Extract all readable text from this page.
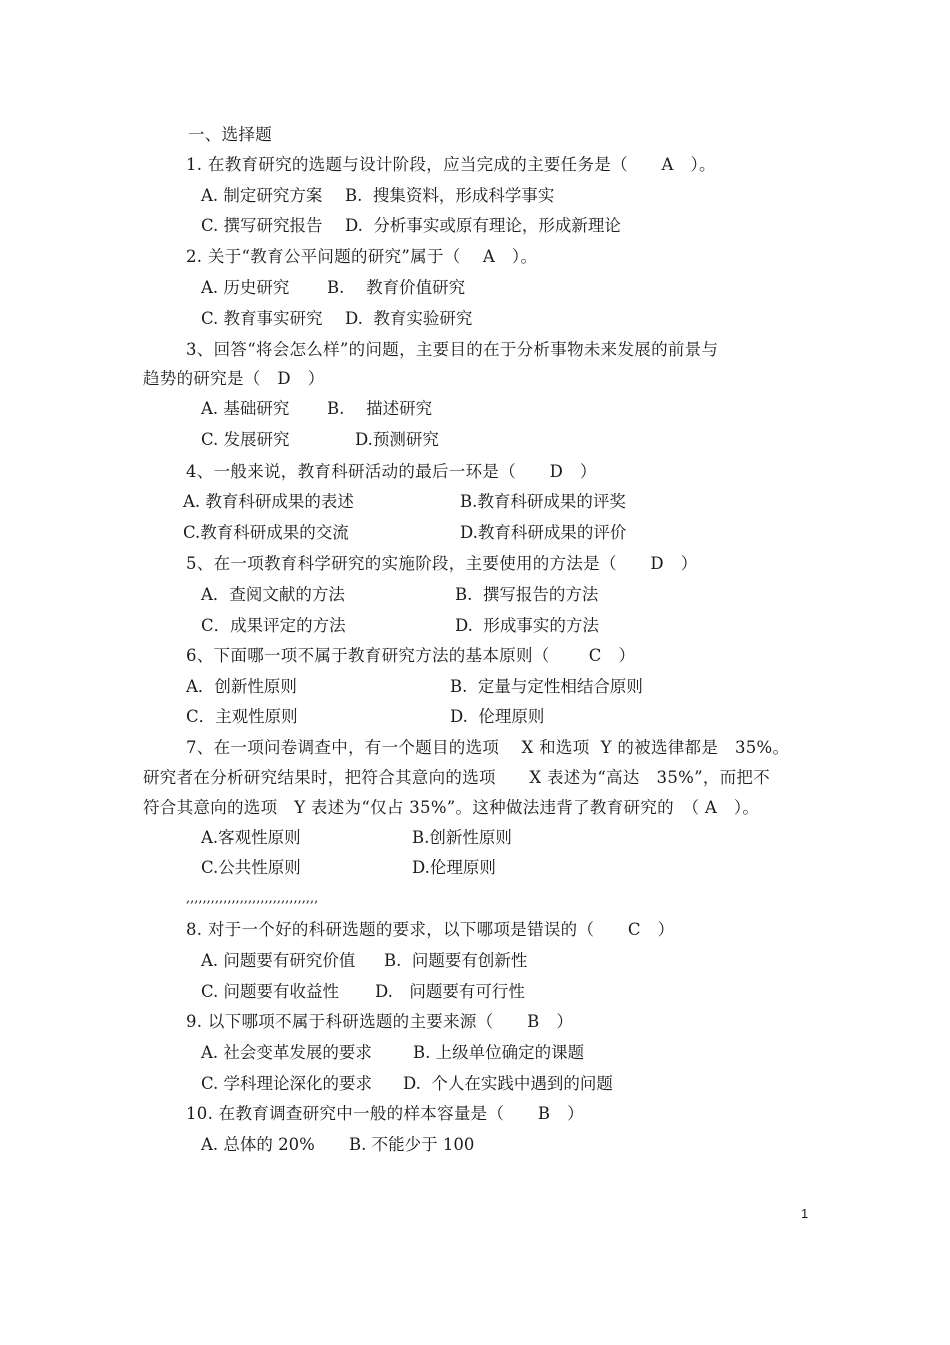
一、选择题
1. 在教育研究的选题与设计阶段，应当完成的主要任务是（　　A　）。
A. 制定研究方案 B.  搜集资料，形成科学事实
C. 撰写研究报告 D.  分析事实或原有理论，形成新理论
2. 关于“教育公平问题的研究”属于（　 A　）。
A. 历史研究 B.　 教育价值研究
C. 教育事实研究 D.  教育实验研究
3、回答“将会怎么样”的问题，主要目的在于分析事物未来发展的前景与
趋势的研究是（　D　）
A. 基础研究 B.　 描述研究
C. 发展研究	D.预测研究
4、一般来说，教育科研活动的最后一环是（　　D　）
A. 教育科研成果的表述	B.教育科研成果的评奖
C.教育科研成果的交流	D.教育科研成果的评价
5、在一项教育科学研究的实施阶段，主要使用的方法是（　　D　）
A．查阅文献的方法	B.  撰写报告的方法
C．成果评定的方法	D.  形成事实的方法
6、下面哪一项不属于教育研究方法的基本原则（　　 C　）
A．创新性原则	B.  定量与定性相结合原则
C．主观性原则	D.  伦理原则
7、在一项问卷调查中，有一个题目的选项　 X 和选项  Y 的被选律都是　35%。
研究者在分析研究结果时，把符合其意向的选项　　X 表述为“高达　35%”，而把不
符合其意向的选项　Y 表述为“仅占 35%”。这种做法违背了教育研究的　（ A　）。
A.客观性原则	B.创新性原则
C.公共性原则	D.伦理原则
,,,,,,,,,,,,,,,,,,,,,,,,,,,,,,,,
8. 对于一个好的科研选题的要求，以下哪项是错误的（　　C　）
A. 问题要有研究价值 B.  问题要有创新性
C. 问题要有收益性 D.　问题要有可行性
9. 以下哪项不属于科研选题的主要来源（　　B　）
A. 社会变革发展的要求 B. 上级单位确定的课题
C. 学科理论深化的要求 D.  个人在实践中遇到的问题
10. 在教育调查研究中一般的样本容量是（　　B　）
A. 总体的 20% B. 不能少于 100
1
